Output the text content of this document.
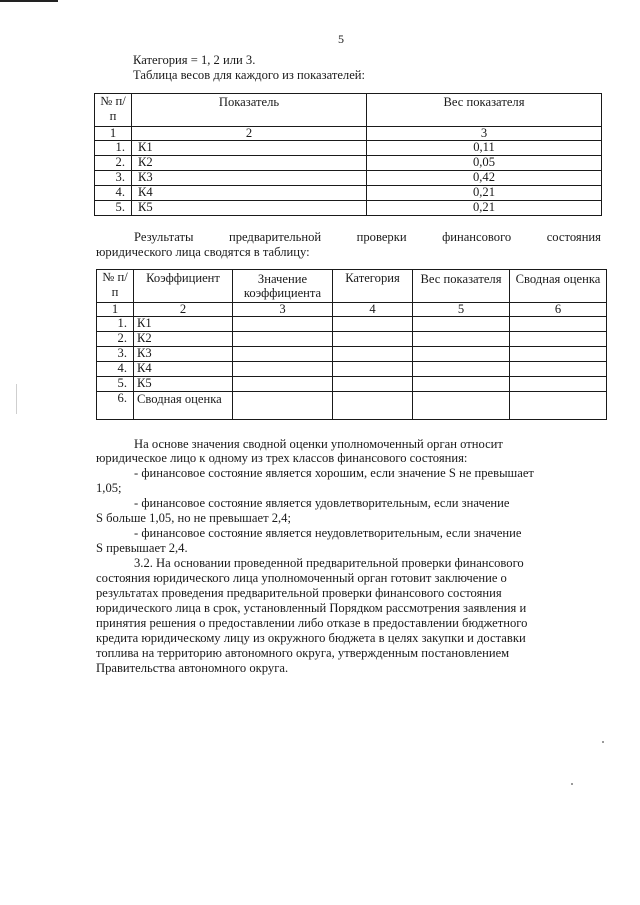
5
Категория = 1, 2 или 3.
Таблица весов для каждого из показателей:
№ п/п	Показатель	Вес показателя
1	2	3
1.	К1	0,11
2.	К2	0,05
3.	К3	0,42
4.	К4	0,21
5.	К5	0,21
Результаты	предварительной	проверки	финансового	состояния
юридического лица сводятся в таблицу:
№ п/п	Коэффициент	Значение коэффициента	Категория	Вес показателя	Сводная оценка
1	2	3	4	5	6
1.	К1				
2.	К2				
3.	К3				
4.	К4				
5.	К5				
6.	Сводная оценка				
На основе значения сводной оценки уполномоченный орган относит
юридическое лицо к одному из трех классов финансового состояния:
- финансовое состояние является хорошим, если значение S не превышает
1,05;
- финансовое состояние является удовлетворительным, если значение
S больше 1,05, но не превышает 2,4;
- финансовое состояние является неудовлетворительным, если значение
S превышает 2,4.
3.2. На основании проведенной предварительной проверки финансового
состояния юридического лица уполномоченный орган готовит заключение о
результатах проведения предварительной проверки финансового состояния
юридического лица в срок, установленный Порядком рассмотрения заявления и
принятия решения о предоставлении либо отказе в предоставлении бюджетного
кредита юридическому лицу из окружного бюджета в целях закупки и доставки
топлива на территорию автономного округа, утвержденным постановлением
Правительства автономного округа.
